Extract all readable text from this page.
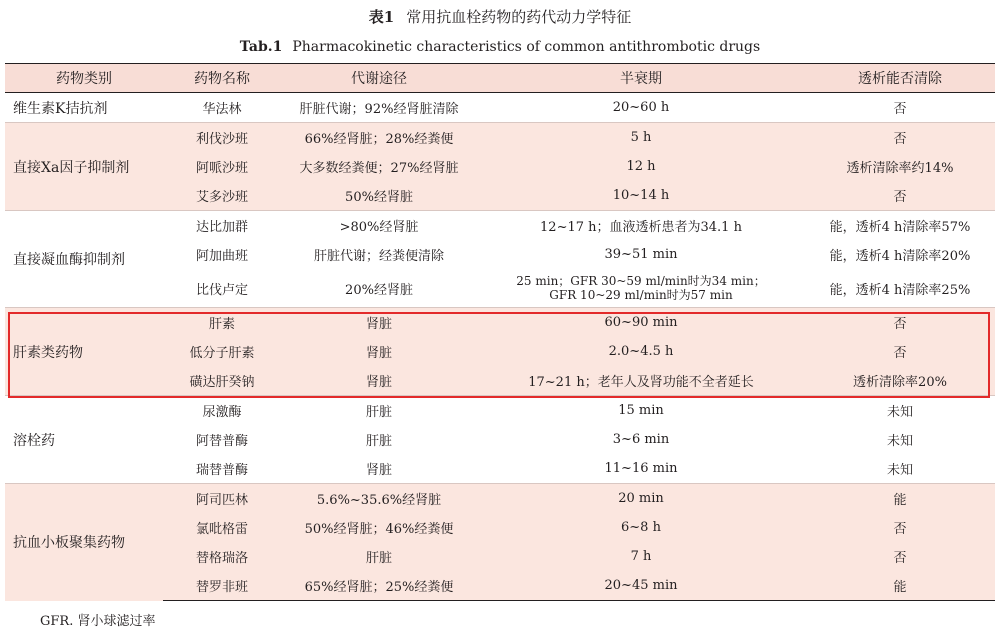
表1 常用抗血栓药物的药代动力学特征
Tab.1 Pharmacokinetic characteristics of common antithrombotic drugs
药物类别	药物名称	代谢途径	半衰期	透析能否清除
维生素K拮抗剂	华法林	肝脏代谢；92%经肾脏清除	20~60 h	否
直接Ⅹa因子抑制剂	利伐沙班	66%经肾脏；28%经粪便	5 h	否
	阿哌沙班	大多数经粪便；27%经肾脏	12 h	透析清除率约14%
	艾多沙班	50%经肾脏	10~14 h	否
直接凝血酶抑制剂	达比加群	>80%经肾脏	12~17 h；血液透析患者为34.1 h	能，透析4 h清除率57%
	阿加曲班	肝脏代谢；经粪便清除	39~51 min	能，透析4 h清除率20%
	比伐卢定	20%经肾脏	25 min；GFR 30~59 ml/min时为34 min；
GFR 10~29 ml/min时为57 min	能，透析4 h清除率25%
肝素类药物	肝素	肾脏	60~90 min	否
	低分子肝素	肾脏	2.0~4.5 h	否
	磺达肝癸钠	肾脏	17~21 h；老年人及肾功能不全者延长	透析清除率20%
溶栓药	尿激酶	肝脏	15 min	未知
	阿替普酶	肝脏	3~6 min	未知
	瑞替普酶	肾脏	11~16 min	未知
抗血小板聚集药物	阿司匹林	5.6%~35.6%经肾脏	20 min	能
	氯吡格雷	50%经肾脏；46%经粪便	6~8 h	否
	替格瑞洛	肝脏	7 h	否
	替罗非班	65%经肾脏；25%经粪便	20~45 min	能
GFR. 肾小球滤过率
